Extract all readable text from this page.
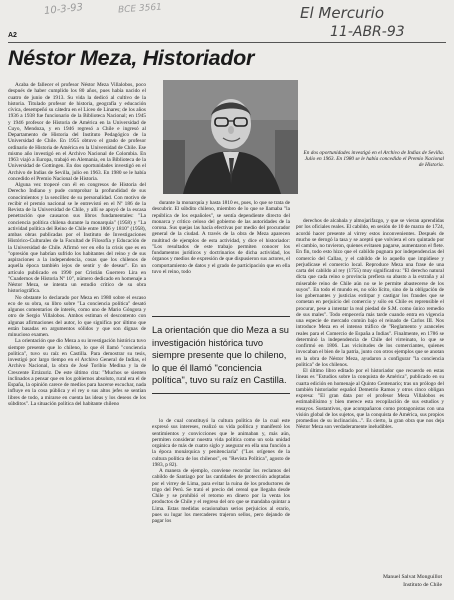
10-3-93	BCE 3561	El Mercurio
11-ABR-93
A2
Néstor Meza, Historiador

Acaba de fallecer el profesor Néstor Meza Villalobos, poco después de haber cumplido los 80 años, pues había nacido el cuatro de junio de 1913. Su vida la dedicó al cultivo de la historia. Titulado profesor de historia, geografía y educación cívica, desempeñó su cátedra en el Liceo de Linares; de los años 1936 a 1938 fue funcionario de la Biblioteca Nacional; en 1945 y 1946 profesor de Historia de América en la Universidad de Cuyo, Mendoza, y en 1946 regresó a Chile e ingresó al Departamento de Historia del Instituto Pedagógico de la Universidad de Chile. En 1955 obtuvo el grado de profesor ordinario de Historia de América en la Universidad de Chile. Ese mismo año investigó en el Archivo Nacional de Colombia. En 1963 viajó a Europa, trabajó en Alemania, en la Biblioteca de la Universidad de Gottingen. En dos oportunidades investigó en el Archivo de Indias de Sevilla, julio en 1963. En 1980 se le había concedido el Premio Nacional de Historia.

Alguna vez tropecé con él en congresos de Historia del Derecho Indiano y pude comprobar la profundidad de sus conocimientos y la sencillez de su personalidad. Con motivo de recibir el premio nacional se le entrevistó en el Nº 186 de la Revista de la Universidad de Chile, y allí se apoyó de la escasa penetración que causaron sus libros fundamentales: "La conciencia política chilena durante la monarquía" (1958) y "La actividad política del Reino de Chile entre 1806 y 1810" (1958), ambas obras publicadas por el Instituto de Investigaciones Histórico-Culturales de la Facultad de Filosofía y Educación de la Universidad de Chile. Afirmó ver en ello la crisis que es en "opresión que habrían sufrido los habitantes del reino y de sus aspiraciones a la independencia, cosas que los chilenos de aquella época también iejos de sentir y de desear". En un artículo publicado en 1990 por Cristián Guerrero Lira en "Cuadernos de Historia Nº 10", número dedicado en homenaje a Néstor Meza, se intenta un estudio crítico de su obra historiográfica.

No obstante lo declarado por Meza en 1980 sobre el escaso eco de su obra, su libro sobre "La conciencia política" desató algunos comentarios de interés, como uno de Mario Góngora y otro de Sergio Villalobos. Ambos estiman el descontento con algunas afirmaciones del autor, lo que significa por último que están basadas en argumentos sólidos y que son dignas de minucioso examen.

La orientación que dio Meza a su investigación histórica tuvo siempre presente que lo chileno, lo que él llamó "conciencia política", tuvo su raíz en Castilla. Para demostrar su tesis, investigó por largo tiempo en el Archivo General de Indias, el Archivo Nacional, la obra de José Toribio Medina y la de Crescente Errázuriz. De este último cita: "Muchos se sienten inclinados a pensar que en los gobiernos absoluto, rural era el de España, la opinión carece de medios para hacerse escuchar, nada influye en la cosa pública y el rey o sus altos jefes se sentían libres de todo, a mirarse en cuenta las ideas y los deseos de los súbditos". La situación política del habitante chileno

En dos oportunidades investigó en el Archivo de Indias de Sevilla. Julio en 1963. En 1980 se le había concedido el Premio Nacional de Historia.

durante la monarquía y hasta 1810 es, pues, lo que se trata de descubrir. El súbdito chileno, miembro de lo que se llamaba "la república de los españoles", se sentía dependiente directo del monarca y critico celoso del gobierno de las autoridades de la corona. Sus quejas las hacía efectivas por medio del procurador general de la ciudad. A través de la obra de Meza aparecen multitud de ejemplos de esta actividad, y dice el historiador: "Los resultados de este trabajo permiten conocer los fundamentos jurídicos y doctrinarios de dicha actividad, los órganos y medios de expresión de que dispusieron sus actores, el comportamiento de datos y el grado de participación que en ella tuvo el reino, todo

La orientación que dio Meza a su investigación histórica tuvo siempre presente que lo chileno, lo que él llamó "conciencia política", tuvo su raíz en Castilla.

lo de cual constituyó la cultura política de la cual este expresó sus intereses, realizó su vida política y manifestó los sentimientos y convicciones que le animaban y, más aún, permiten considerar nuestra vida política como un sola unidad orgánica de más de cuatro siglo y asegurar en ella una función a la época monárquica y penitenciaria" ("Los orígenes de la cultura política de los chilenos", en "Revista Política", agosto de 1983, p 82).

A manera de ejemplo, conviene recordar los reclamos del cabildo de Santiago por las cantidades de protección adoptadas por el virrey de Lima, para evitar la ruina de los productores de trigo del Perú. Se trató el precio del cereal que llegaba desde Chile y se prohibió el retorno en dinero por la venta los productos de Chile y el regreso del oro que se mandaba quintar a Lima. Estas medidas ocasionaban serios perjuicios al erario, pues su lugar los mercaderes trajeron sellos, pero dejando de pagar los

derechos de alcabala y almojarifazgo, y que se vieran aprendidas por los oficiales reales. El cabildo, en sesión de 10 de marzo de 1724, acordó hacer presente al virrey estos inconvenientes. Después de mucho se derogó la tasa y se aceptó que volviera el oro quintado por el cambio, no tuvieron, quienes evitasen pagarse, aumentaron el flete. En fin, todo esto hizo que el cabildo pugnara por independencias del comercio del Callao, y el cabildo de lo aquello que impidiese y perjudicase el comercio local. Reproduce Meza una frase de una carta del cabildo al rey (1755) muy significativa: "El derecho natural dicta que cada reino o provincia prefiera su abasto a la extraña y al miserable reino de Chile aún no se le permite abastecerse de los suyos". En todo el mundo es, no sólo lícito, sino de la obligación de los gobernantes y justicias extirpar y castigar los fraudes que se cometan en perjuicio del comercio y sólo en Chile es reprensible el procurar, pese a intentar la real piedad de S.M. como único remedio de sus males". Todo empecería más tarde cuando entra en vigencia una especie de mercado común bajo el reinado de Carlos III. Nos introduce Meza en el intenso tráfico de "Reglamento y aranceles reales para el Comercio de España a Indias". Finalmente, en 1786 se determinó la independencia de Chile del virreinato, lo que se confirmó en 1806. Las vicisitudes de los comerciantes, quienes invocaban el bien de la patria, junto con otros ejemplos que se anotan en la obra de Néstor Meza, ayudaron a configurar "la conciencia política" de los chilenos.

El último libro editado por el historiador que recuerdo en estas líneas es "Estudios sobre la conquista de América", publicado en su cuarta edición en homenaje al Quinto Centenario; tras un prólogo del también historiador español Demetrio Ramos y otros cinco obligan expresa: "El gran data por el profesor Meza Villalobos es estimabilísimo y bien merece esta recopilación de sus estudios y ensayos. Sustantivos, que acompañaron como protagonistas con una visión global de los sujetos, que la conquista de América, sus propios promedios de su inclinación...". Es cierto, la gran obra que nos deja Néstor Meza son verdaderamente ineludibles.

Manuel Salvat Monguillot
Instituto de Chile
